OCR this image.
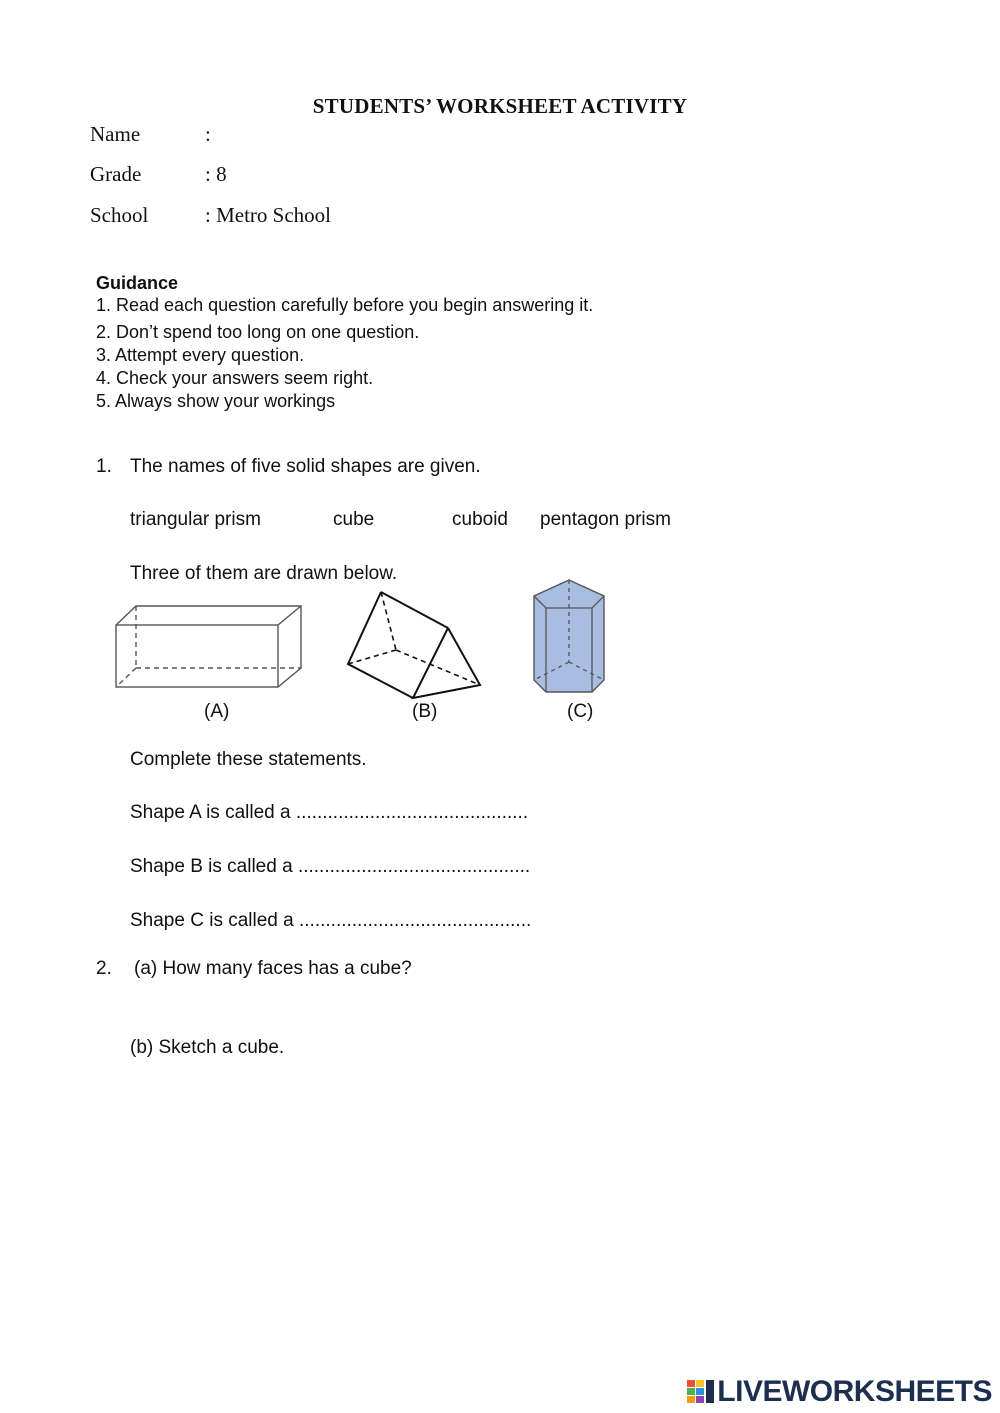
STUDENTS’ WORKSHEET ACTIVITY
Name	:
Grade	: 8
School	: Metro School
Guidance
1. Read each question carefully before you begin answering it.
2. Don’t spend too long on one question.
3. Attempt every question.
4. Check your answers seem right.
5. Always show your workings
1. The names of five solid shapes are given.
triangular prism	cube	cuboid pentagon prism
Three of them are drawn below.
(A)	(B)	(C)
Complete these statements.
Shape A is called a ............................................
Shape B is called a ............................................
Shape C is called a ............................................
2. (a) How many faces has a cube?
(b) Sketch a cube.
LIVEWORKSHEETS
